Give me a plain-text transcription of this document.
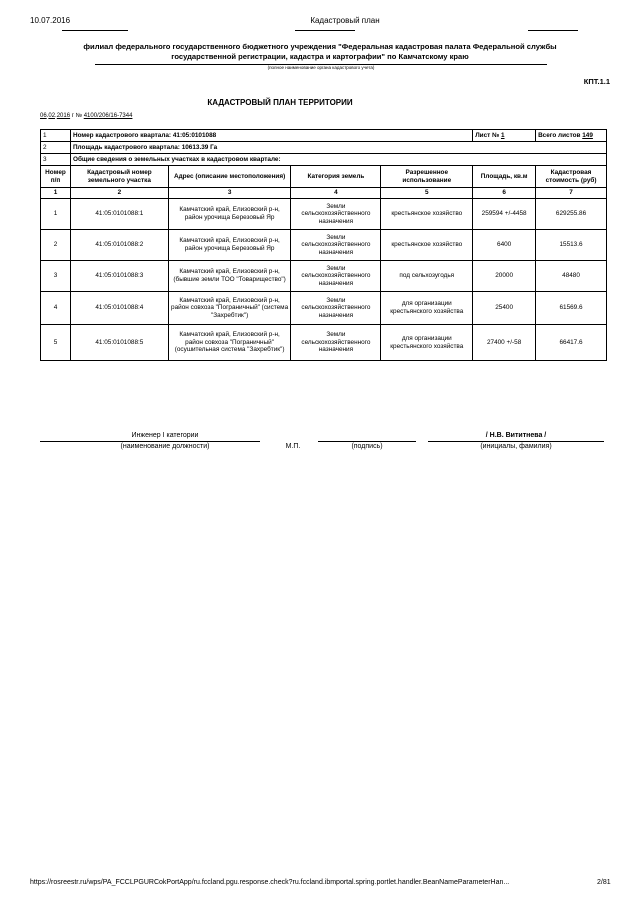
10.07.2016	Кадастровый план
филиал федерального государственного бюджетного учреждения "Федеральная кадастровая палата Федеральной службы
государственной регистрации, кадастра и картографии" по Камчатскому краю
(полное наименование органа кадастрового учета)
КПТ.1.1
КАДАСТРОВЫЙ ПЛАН ТЕРРИТОРИИ
06.02.2016 г № 4100/206/16-7344
1	Номер кадастрового квартала: 41:05:0101088				Лист № 1	Всего листов 149
2	Площадь кадастрового квартала: 10613.39 Га					
3	Общие сведения о земельных участках в кадастровом квартале:					
Номер п/п	Кадастровый номер земельного участка	Адрес (описание местоположения)	Категория земель	Разрешенное использование	Площадь, кв.м	Кадастровая стоимость (руб)
1	2	3	4	5	6	7
1	41:05:0101088:1	Камчатский край, Елизовский р-н, район урочища Березовый Яр	Земли сельскохозяйственного назначения	крестьянское хозяйство	259594 +/-4458	629255.86
2	41:05:0101088:2	Камчатский край, Елизовский р-н, район урочища Березовый Яр	Земли сельскохозяйственного назначения	крестьянское хозяйство	6400	15513.6
3	41:05:0101088:3	Камчатский край, Елизовский р-н, (бывшие земли ТОО "Товарищество")	Земли сельскохозяйственного назначения	под сельхозугодья	20000	48480
4	41:05:0101088:4	Камчатский край, Елизовский р-н, район совхоза "Пограничный" (система "Захребтик")	Земли сельскохозяйственного назначения	для организации крестьянского хозяйства	25400	61569.6
5	41:05:0101088:5	Камчатский край, Елизовский р-н, район совхоза "Пограничный" (осушительная система "Захребтик")	Земли сельскохозяйственного назначения	для организации крестьянского хозяйства	27400 +/-58	66417.6
Инженер I категории
(наименование должности)	М.П.	(подпись)
/ Н.В. Вититнева /
(инициалы, фамилия)
https://rosreestr.ru/wps/PA_FCCLPGURCokPortApp/ru.fccland.pgu.response.check?ru.fccland.ibmportal.spring.portlet.handler.BeanNameParameterHan...	2/81
